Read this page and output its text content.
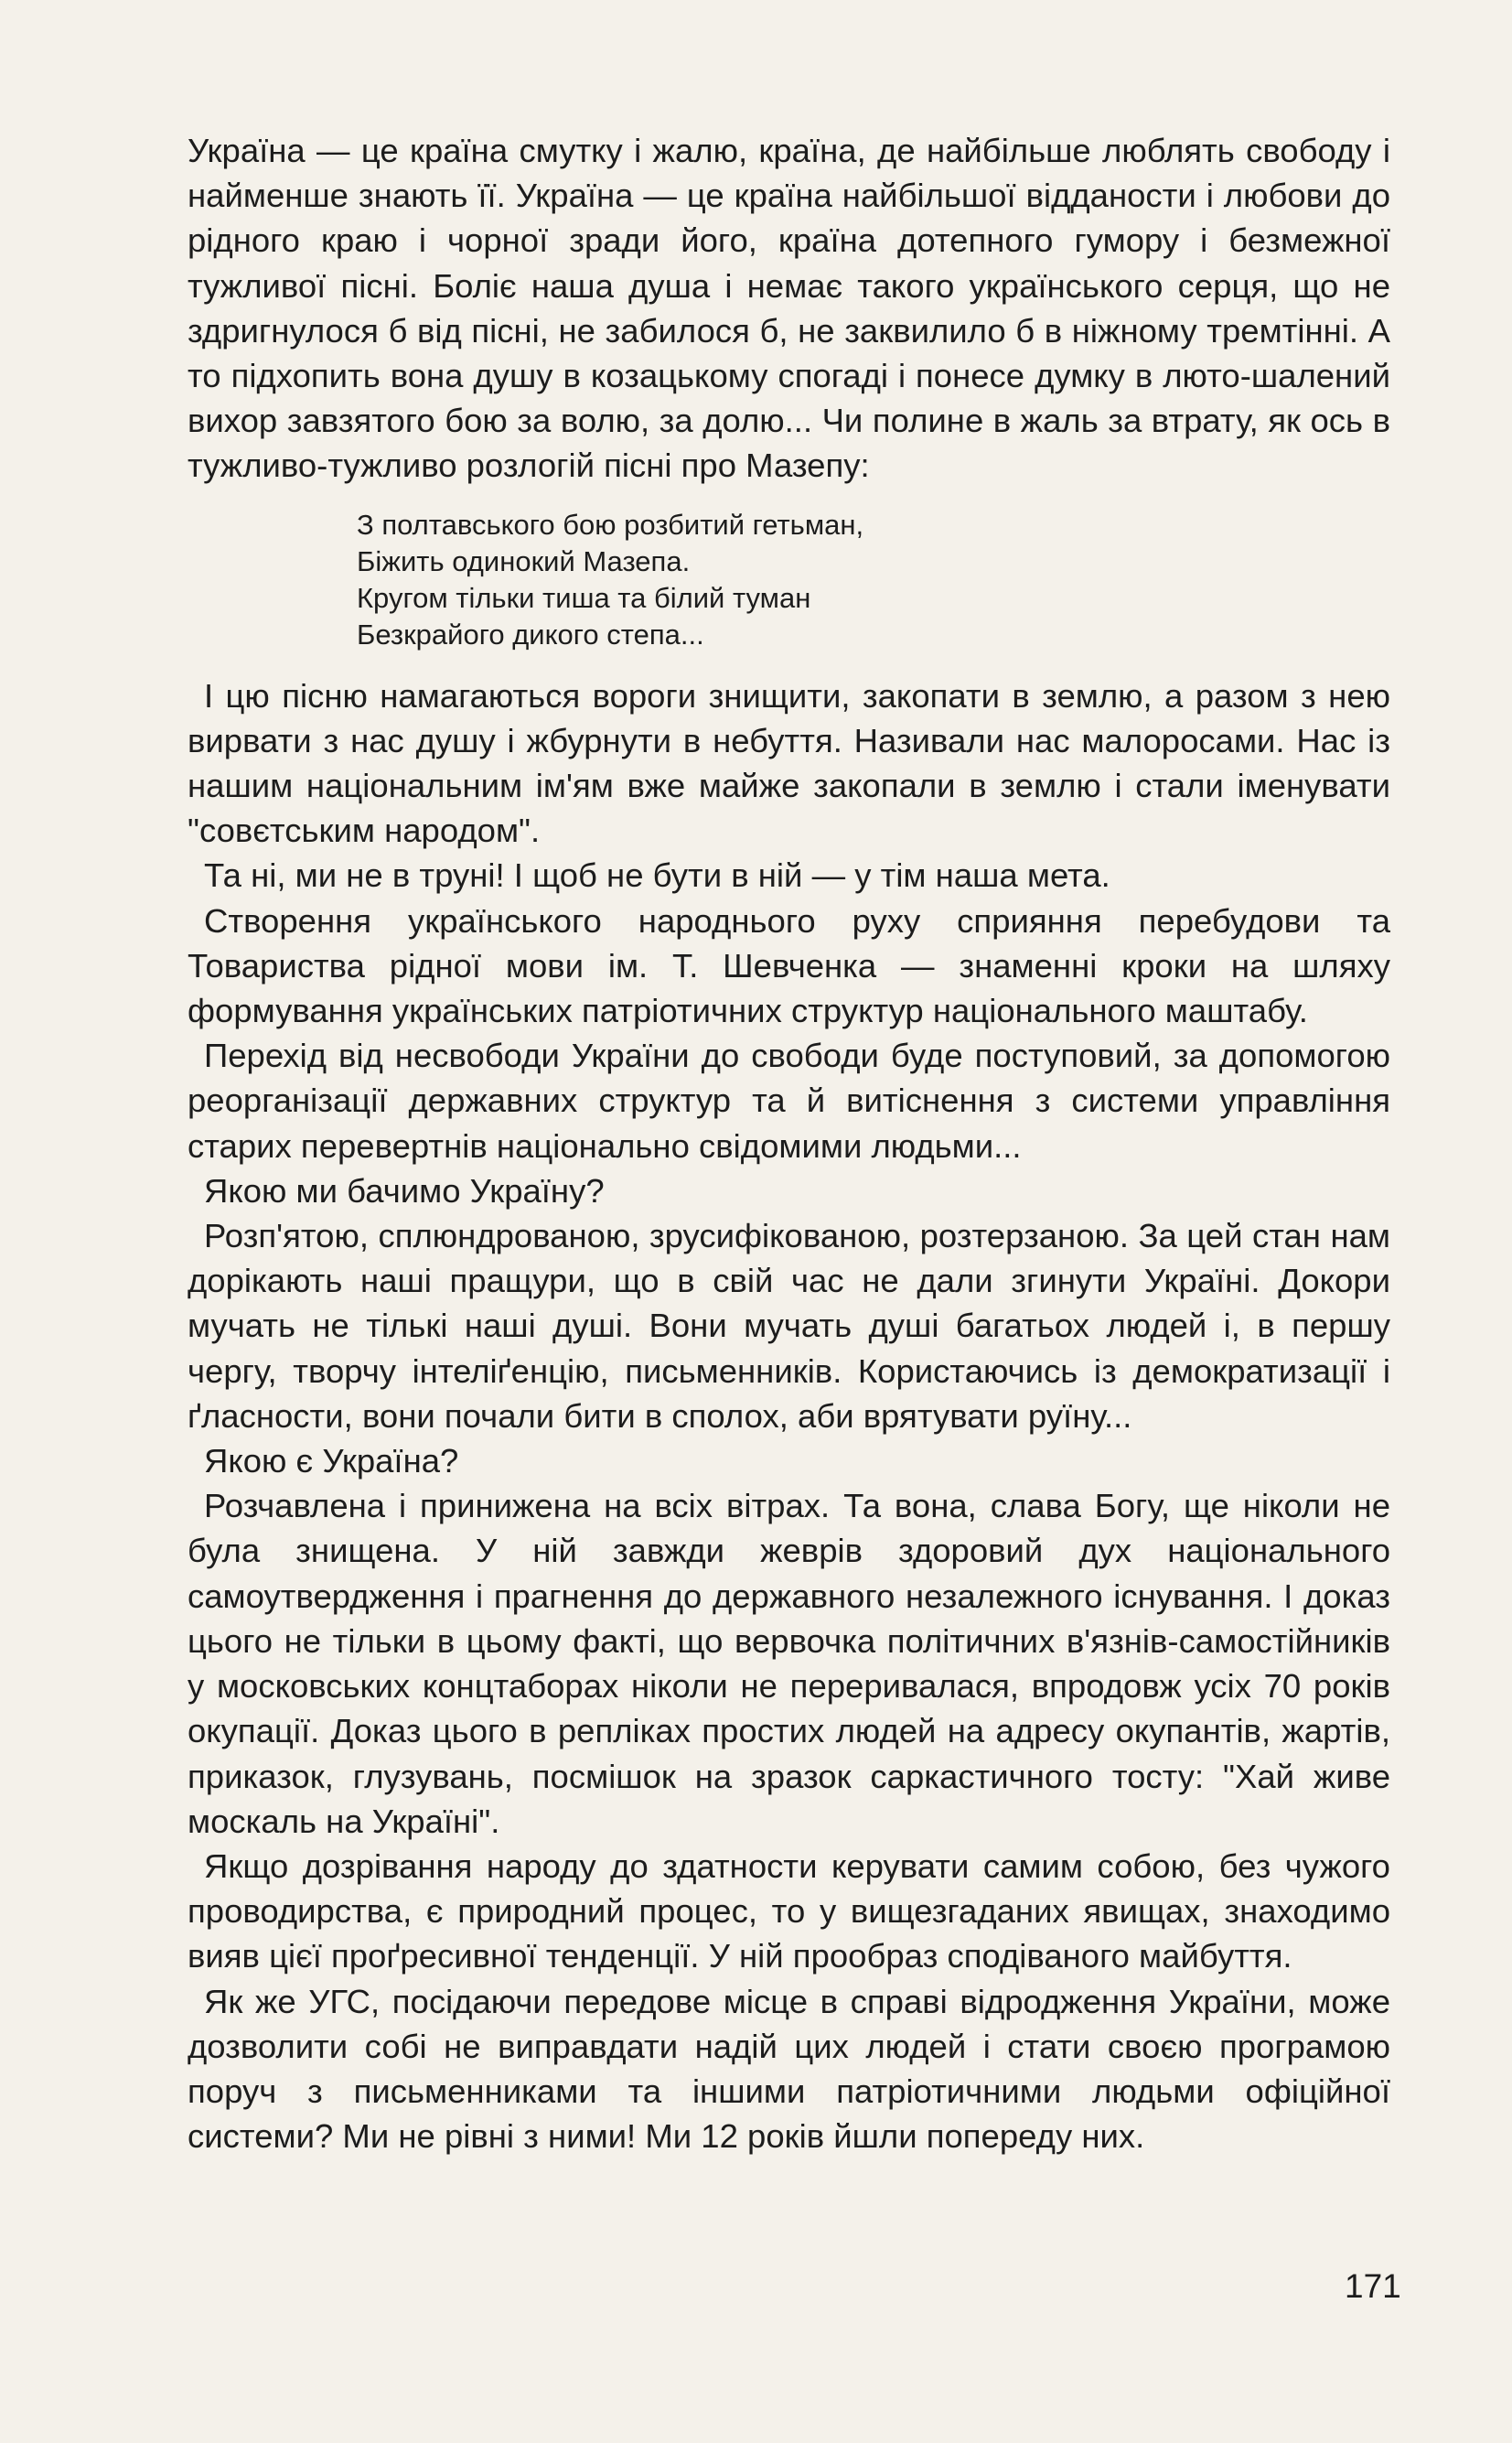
Україна — це країна смутку і жалю, країна, де найбільше люблять свободу і найменше знають її. Україна — це країна найбільшої відданости і любови до рідного краю і чорної зради його, країна дотепного гумору і безмежної тужливої пісні. Боліє наша душа і немає такого українського серця, що не здригнулося б від пісні, не забилося б, не заквилило б в ніжному тремтінні. А то підхопить вона душу в козацькому спогаді і понесе думку в люто-шалений вихор завзятого бою за волю, за долю... Чи полине в жаль за втрату, як ось в тужливо-тужливо розлогій пісні про Мазепу:

З полтавського бою розбитий гетьман,
Біжить одинокий Мазепа.
Кругом тільки тиша та білий туман
Безкрайого дикого степа...

І цю пісню намагаються вороги знищити, закопати в землю, а разом з нею вирвати з нас душу і жбурнути в небуття. Називали нас малоросами. Нас із нашим національним ім'ям вже майже закопали в землю і стали іменувати "совєтським народом".

Та ні, ми не в труні! І щоб не бути в ній — у тім наша мета.

Створення українського народнього руху сприяння перебудови та Товариства рідної мови ім. Т. Шевченка — знаменні кроки на шляху формування українських патріотичних структур національного маштабу.

Перехід від несвободи України до свободи буде поступовий, за допомогою реорганізації державних структур та й витіснення з системи управління старих перевертнів національно свідомими людьми...

Якою ми бачимо Україну?

Розп'ятою, сплюндрованою, зрусифікованою, розтерзаною. За цей стан нам дорікають наші пращури, що в свій час не дали згинути Україні. Докори мучать не тількі наші душі. Вони мучать душі багатьох людей і, в першу чергу, творчу інтеліґенцію, письменників. Користаючись із демократизації і ґласности, вони почали бити в сполох, аби врятувати руїну...

Якою є Україна?

Розчавлена і принижена на всіх вітрах. Та вона, слава Богу, ще ніколи не була знищена. У ній завжди жеврів здоровий дух національного самоутвердження і прагнення до державного незалежного існування. І доказ цього не тільки в цьому факті, що вервочка політичних в'язнів-самостійників у московських концтаборах ніколи не переривалася, впродовж усіх 70 років окупації. Доказ цього в репліках простих людей на адресу окупантів, жартів, приказок, глузувань, посмішок на зразок саркастичного тосту: "Хай живе москаль на Україні".

Якщо дозрівання народу до здатности керувати самим собою, без чужого проводирства, є природний процес, то у вищезгаданих явищах, знаходимо вияв цієї проґресивної тенденції. У ній прообраз сподіваного майбуття.

Як же УГС, посідаючи передове місце в справі відродження України, може дозволити собі не виправдати надій цих людей і стати своєю програмою поруч з письменниками та іншими патріотичними людьми офіційної системи? Ми не рівні з ними! Ми 12 років йшли попереду них.

171
